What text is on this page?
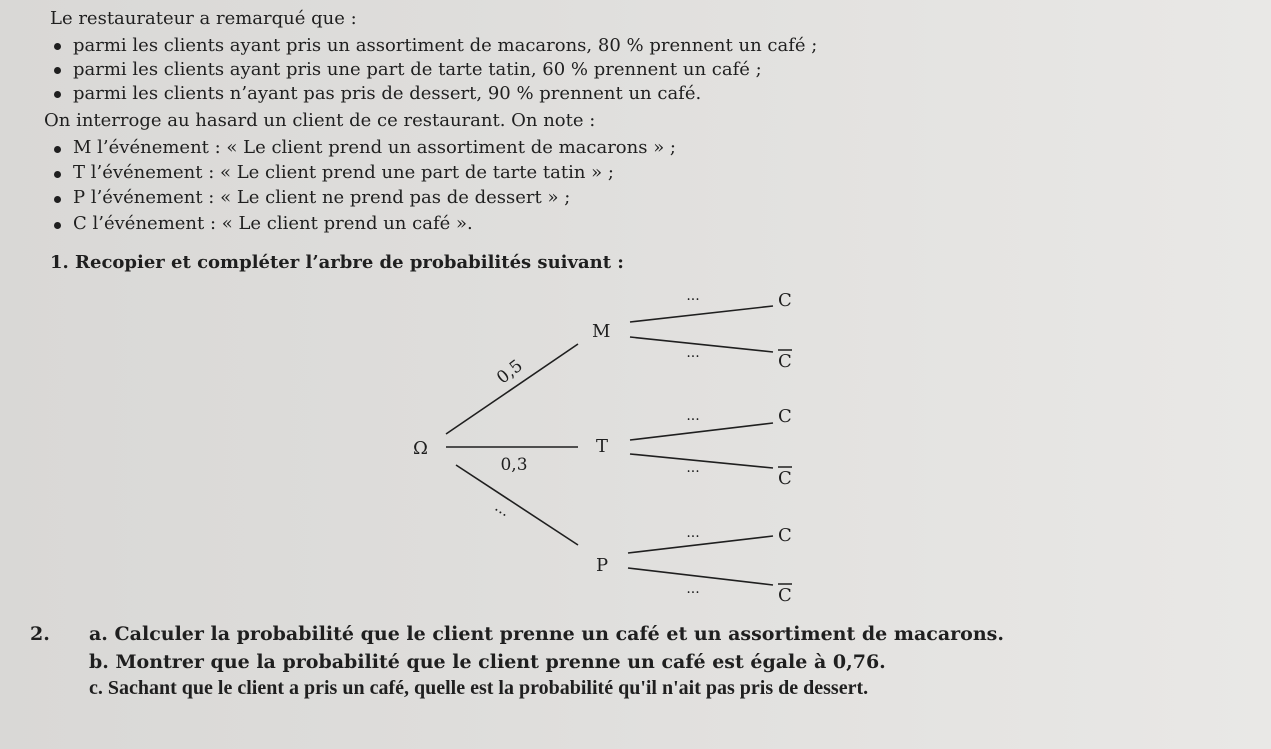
Le restaurateur a remarqué que :
parmi les clients ayant pris un assortiment de macarons, 80 % prennent un café ;
parmi les clients ayant pris une part de tarte tatin, 60 % prennent un café ;
parmi les clients n’ayant pas pris de dessert, 90 % prennent un café.
On interroge au hasard un client de ce restaurant. On note :
M l’événement : « Le client prend un assortiment de macarons » ;
T l’événement : « Le client prend une part de tarte tatin » ;
P l’événement : « Le client ne prend pas de dessert » ;
C l’événement : « Le client prend un café ».
1. Recopier et compléter l’arbre de probabilités suivant :
Ω
M
T
P
0,5
0,3
...
...
...
...
...
...
...
C
C
C
C
C
C
2. a. Calculer la probabilité que le client prenne un café et un assortiment de macarons.
b. Montrer que la probabilité que le client prenne un café est égale à 0,76.
c. Sachant que le client a pris un café, quelle est la probabilité qu'il n'ait pas pris de dessert.
